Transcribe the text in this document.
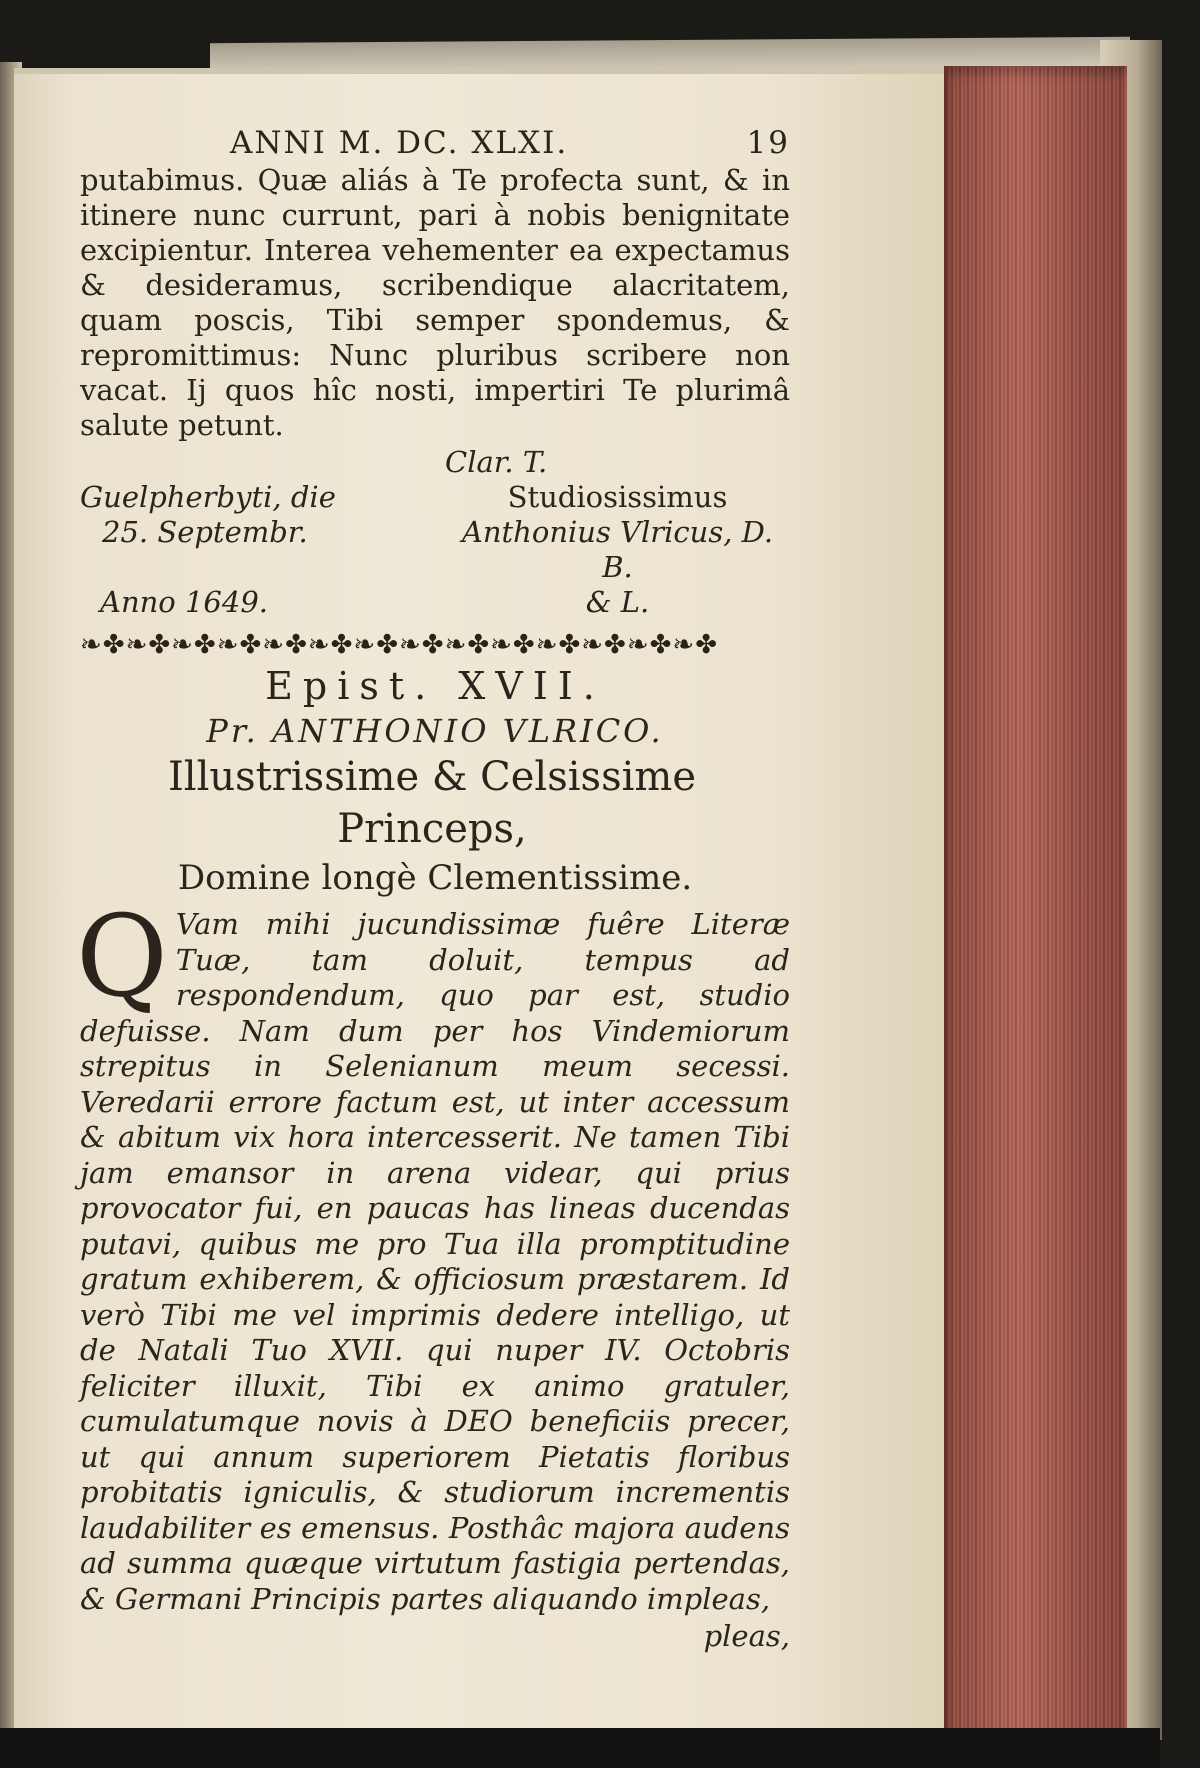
ANNI M. DC. XLXI.	19

putabimus. Quæ aliás à Te profecta sunt, & in itinere nunc currunt, pari à nobis benignitate excipientur. Interea vehementer ea expectamus & desideramus, scribendique alacritatem, quam poscis, Tibi semper spondemus, & repromittimus: Nunc pluribus scribere non vacat. Ij quos hîc nosti, impertiri Te plurimâ salute petunt.

Clar. T.
Guelpherbyti, die	Studiosissimus
25. Septembr.	Anthonius Vlricus, D. B.
Anno 1649.	& L.
❧✤❧✤❧✤❧✤❧✤❧✤❧✤❧✤❧✤❧✤❧✤❧✤❧✤❧✤
Epist. XVII.
Pr. ANTHONIO VLRICO.
Illustrissime & Celsissime Princeps,
Domine longè Clementissime.
Q Vam mihi jucundissimæ fuêre Literæ Tuæ, tam doluit, tempus ad respondendum, quo par est, studio defuisse. Nam dum per hos Vindemiorum strepitus in Selenianum meum secessi. Veredarii errore factum est, ut inter accessum & abitum vix hora intercesserit. Ne tamen Tibi jam emansor in arena videar, qui prius provocator fui, en paucas has lineas ducendas putavi, quibus me pro Tua illa promptitudine gratum exhiberem, & officiosum præstarem. Id verò Tibi me vel imprimis dedere intelligo, ut de Natali Tuo XVII. qui nuper IV. Octobris feliciter illuxit, Tibi ex animo gratuler, cumulatumque novis à DEO beneficiis precer, ut qui annum superiorem Pietatis floribus probitatis igniculis, & studiorum incrementis laudabiliter es emensus. Posthâc majora audens ad summa quæque virtutum fastigia pertendas, & Germani Principis partes aliquando impleas,
pleas,
